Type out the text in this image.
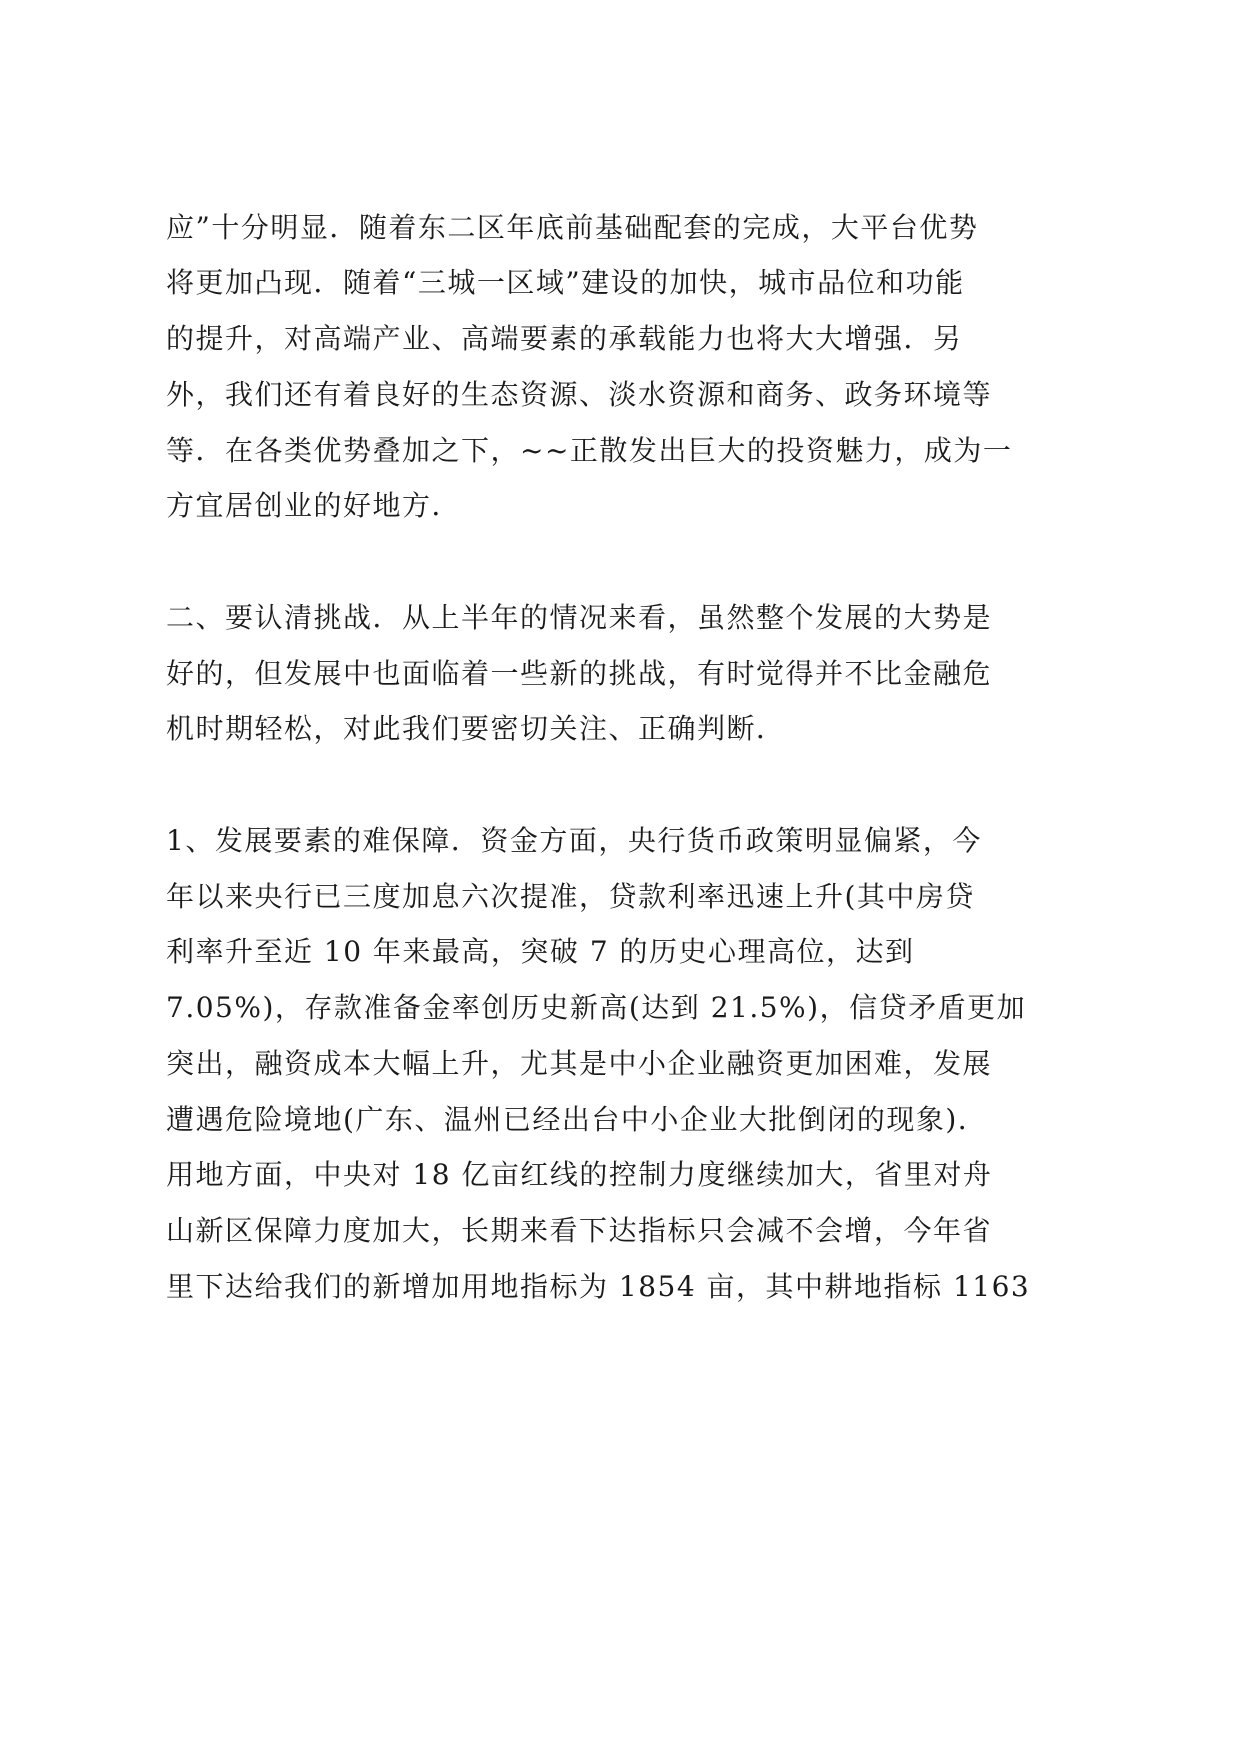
应”十分明显．随着东二区年底前基础配套的完成，大平台优势
将更加凸现．随着“三城一区域”建设的加快，城市品位和功能
的提升，对高端产业、高端要素的承载能力也将大大增强．另
外，我们还有着良好的生态资源、淡水资源和商务、政务环境等
等．在各类优势叠加之下，~~正散发出巨大的投资魅力，成为一
方宜居创业的好地方．
二、要认清挑战．从上半年的情况来看，虽然整个发展的大势是
好的，但发展中也面临着一些新的挑战，有时觉得并不比金融危
机时期轻松，对此我们要密切关注、正确判断．
1、发展要素的难保障．资金方面，央行货币政策明显偏紧，今
年以来央行已三度加息六次提准，贷款利率迅速上升(其中房贷
利率升至近 10 年来最高，突破 7 的历史心理高位，达到
7.05%)，存款准备金率创历史新高(达到 21.5%)，信贷矛盾更加
突出，融资成本大幅上升，尤其是中小企业融资更加困难，发展
遭遇危险境地(广东、温州已经出台中小企业大批倒闭的现象)．
用地方面，中央对 18 亿亩红线的控制力度继续加大，省里对舟
山新区保障力度加大，长期来看下达指标只会减不会增，今年省
里下达给我们的新增加用地指标为 1854 亩，其中耕地指标 1163
